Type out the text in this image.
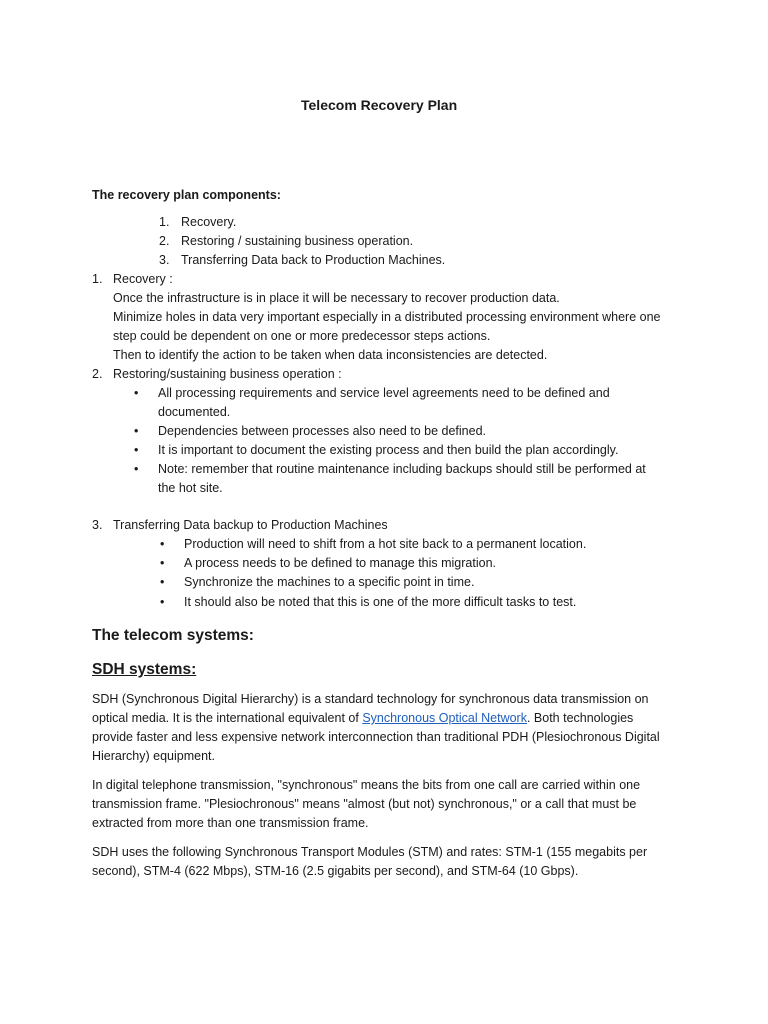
Telecom Recovery Plan
The recovery plan components:
1. Recovery.
2. Restoring / sustaining business operation.
3. Transferring Data back to Production Machines.
1. Recovery :
Once the infrastructure is in place it will be necessary to recover production data.
Minimize holes in data very important especially in a distributed processing environment where one
step could be dependent on one or more predecessor steps actions.
Then to identify the action to be taken when data inconsistencies are detected.
2. Restoring/sustaining business operation :
• All processing requirements and service level agreements need to be defined and
documented.
• Dependencies between processes also need to be defined.
• It is important to document the existing process and then build the plan accordingly.
• Note: remember that routine maintenance including backups should still be performed at
the hot site.
3. Transferring Data backup to Production Machines
• Production will need to shift from a hot site back to a permanent location.
• A process needs to be defined to manage this migration.
• Synchronize the machines to a specific point in time.
• It should also be noted that this is one of the more difficult tasks to test.
The telecom systems:
SDH systems:
SDH (Synchronous Digital Hierarchy) is a standard technology for synchronous data transmission on
optical media. It is the international equivalent of Synchronous Optical Network. Both technologies
provide faster and less expensive network interconnection than traditional PDH (Plesiochronous Digital
Hierarchy) equipment.
In digital telephone transmission, "synchronous" means the bits from one call are carried within one
transmission frame. "Plesiochronous" means "almost (but not) synchronous," or a call that must be
extracted from more than one transmission frame.
SDH uses the following Synchronous Transport Modules (STM) and rates: STM-1 (155 megabits per
second), STM-4 (622 Mbps), STM-16 (2.5 gigabits per second), and STM-64 (10 Gbps).
